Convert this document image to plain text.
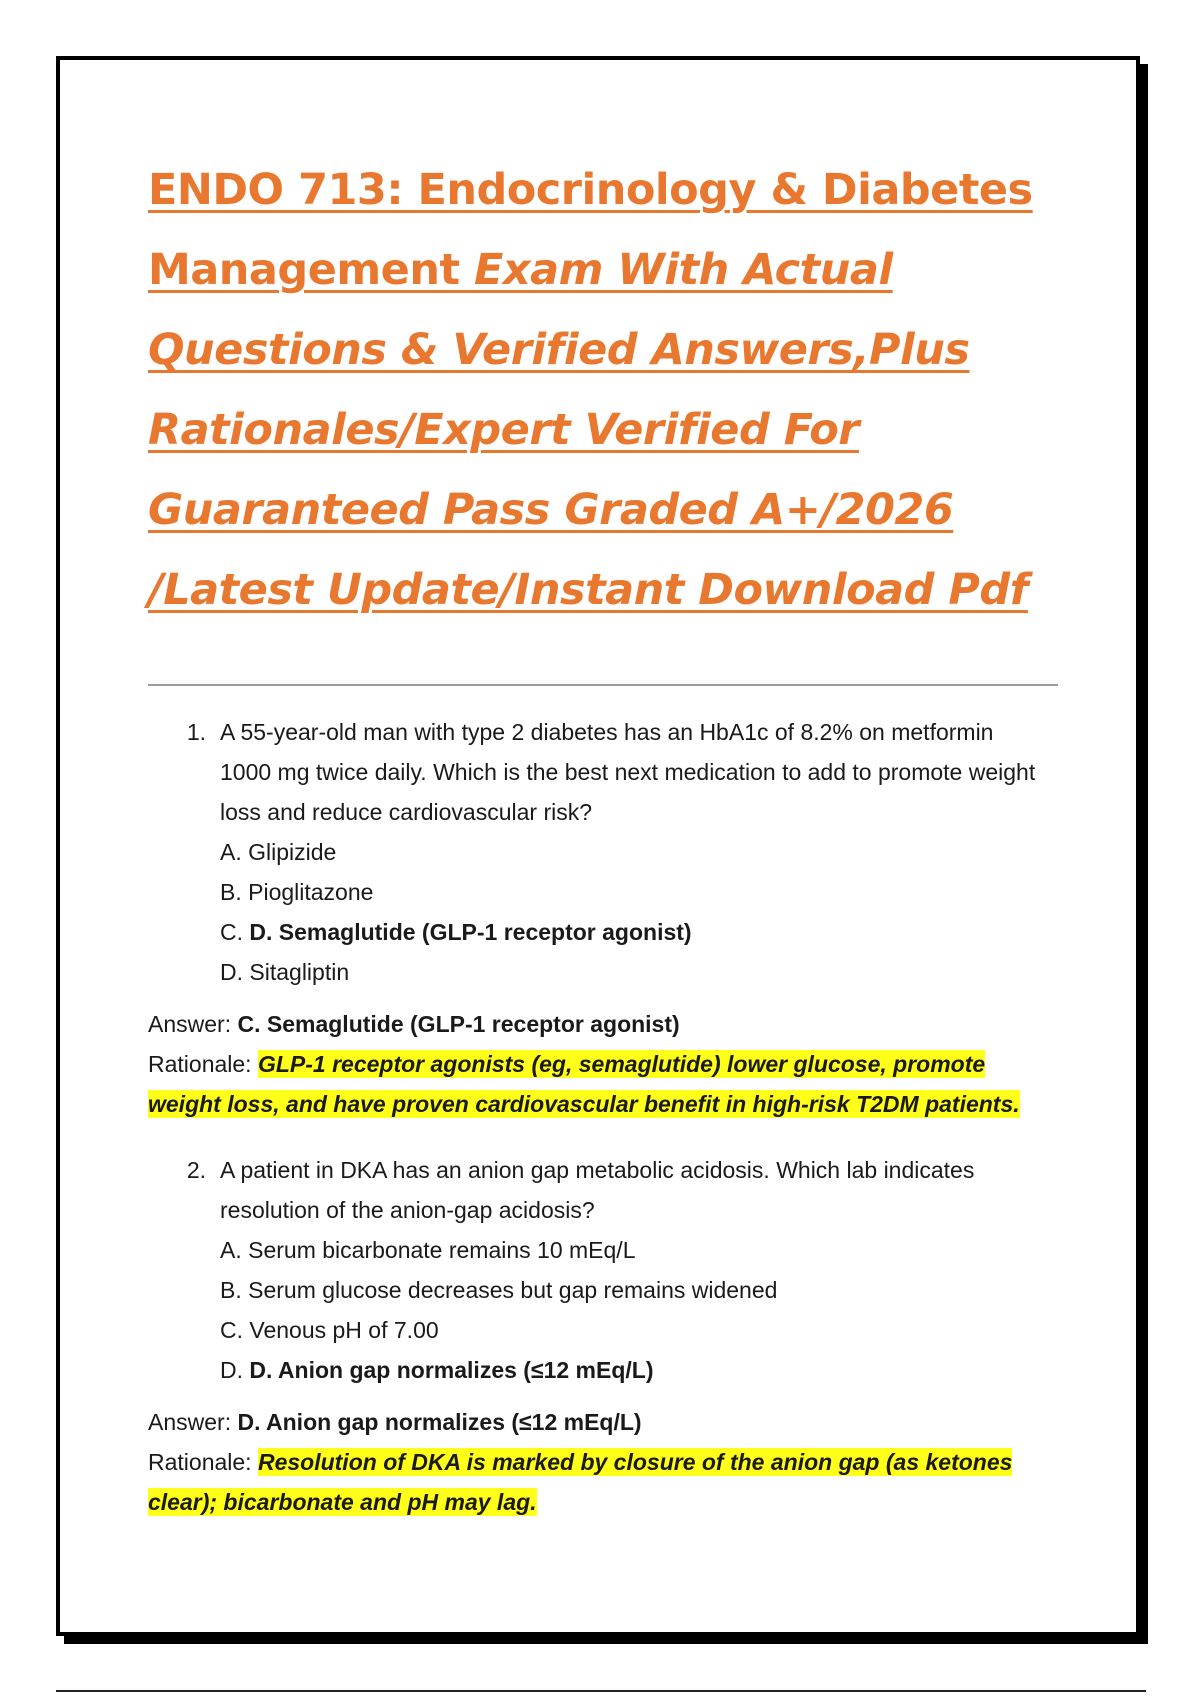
ENDO 713: Endocrinology & Diabetes
Management Exam With Actual
Questions & Verified Answers,Plus
Rationales/Expert Verified For
Guaranteed Pass Graded A+/2026
/Latest Update/Instant Download Pdf
1. A 55-year-old man with type 2 diabetes has an HbA1c of 8.2% on metformin 1000 mg twice daily. Which is the best next medication to add to promote weight loss and reduce cardiovascular risk?
A. Glipizide
B. Pioglitazone
C. D. Semaglutide (GLP-1 receptor agonist)
D. Sitagliptin
Answer: C. Semaglutide (GLP-1 receptor agonist)
Rationale: GLP-1 receptor agonists (eg, semaglutide) lower glucose, promote weight loss, and have proven cardiovascular benefit in high-risk T2DM patients.
2. A patient in DKA has an anion gap metabolic acidosis. Which lab indicates resolution of the anion-gap acidosis?
A. Serum bicarbonate remains 10 mEq/L
B. Serum glucose decreases but gap remains widened
C. Venous pH of 7.00
D. D. Anion gap normalizes (≤12 mEq/L)
Answer: D. Anion gap normalizes (≤12 mEq/L)
Rationale: Resolution of DKA is marked by closure of the anion gap (as ketones clear); bicarbonate and pH may lag.
